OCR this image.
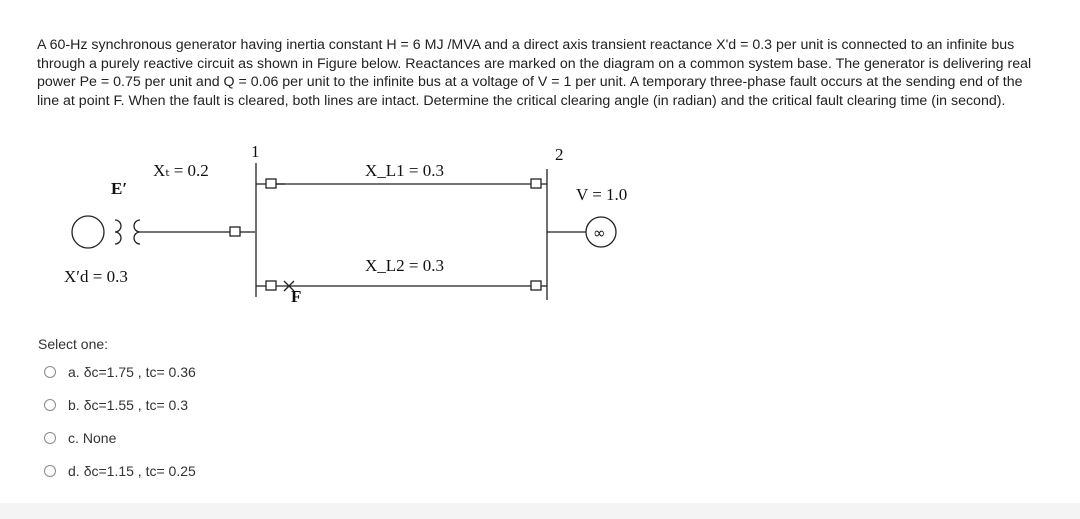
A 60-Hz synchronous generator having inertia constant H = 6 MJ /MVA and a direct axis transient reactance X'd = 0.3 per unit is connected to an infinite bus through a purely reactive circuit as shown in Figure below. Reactances are marked on the diagram on a common system base. The generator is delivering real power Pe = 0.75 per unit and Q = 0.06 per unit to the infinite bus at a voltage of V = 1 per unit. A temporary three-phase fault occurs at the sending end of the line at point F. When the fault is cleared, both lines are intact. Determine the critical clearing angle (in radian) and the critical fault clearing time (in second).

1	2
Xₜ = 0.2	X_L1 = 0.3
X_L2 = 0.3
E′
X′d = 0.3
V = 1.0
F
∞
Select one:
a. δc=1.75 , tc= 0.36
b. δc=1.55 , tc= 0.3
c. None
d. δc=1.15 , tc= 0.25
